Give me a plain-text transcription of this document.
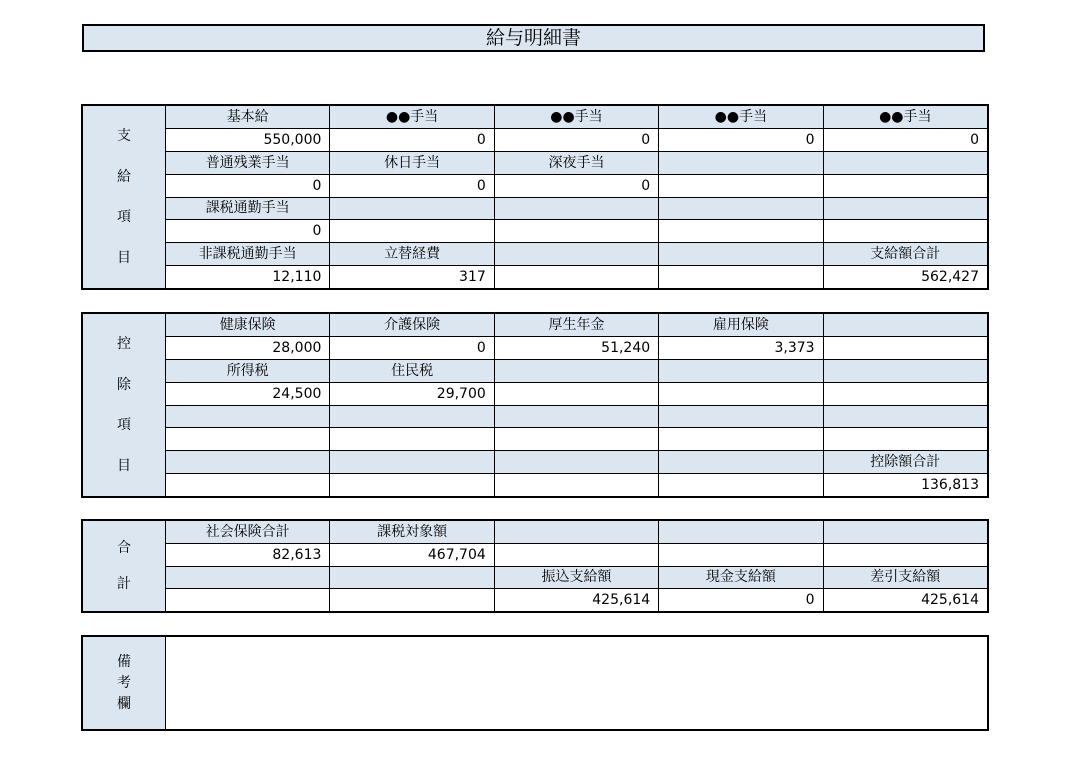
給与明細書
支
給
項
目	基本給	●●手当	●●手当	●●手当	●●手当
	550,000	0	0	0	0
	普通残業手当	休日手当	深夜手当		
	0	0	0		
	課税通勤手当				
	0				
	非課税通勤手当	立替経費			支給額合計
	12,110	317			562,427
控
除
項
目	健康保険	介護保険	厚生年金	雇用保険	
	28,000	0	51,240	3,373	
	所得税	住民税			
	24,500	29,700			

					控除額合計
					136,813
合
計	社会保険合計	課税対象額			
	82,613	467,704			
			振込支給額	現金支給額	差引支給額
			425,614	0	425,614
備
考
欄
